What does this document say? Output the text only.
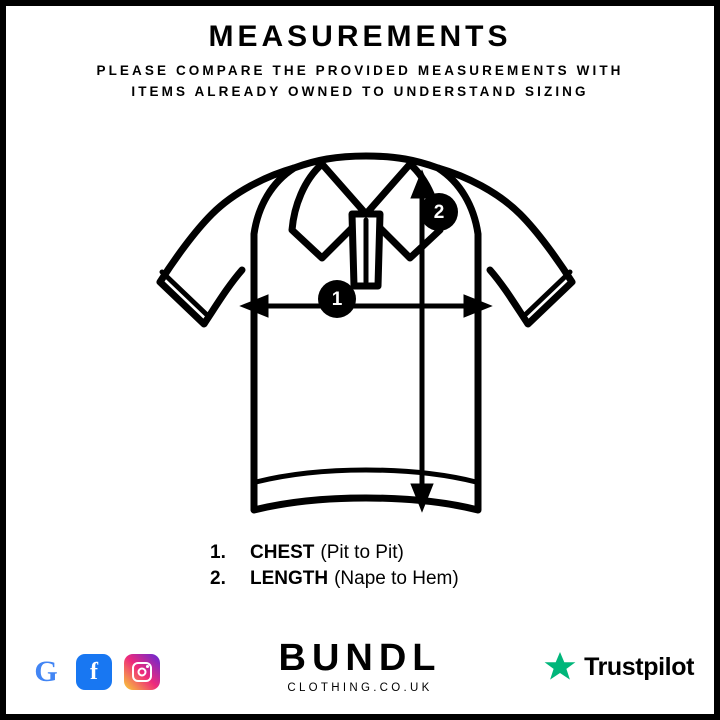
MEASUREMENTS
PLEASE COMPARE THE PROVIDED MEASUREMENTS WITH
ITEMS ALREADY OWNED TO UNDERSTAND SIZING
1
2
1.	CHEST (Pit to Pit)
2.	LENGTH (Nape to Hem)
G	f	BUNDL
CLOTHING.CO.UK
Trustpilot
